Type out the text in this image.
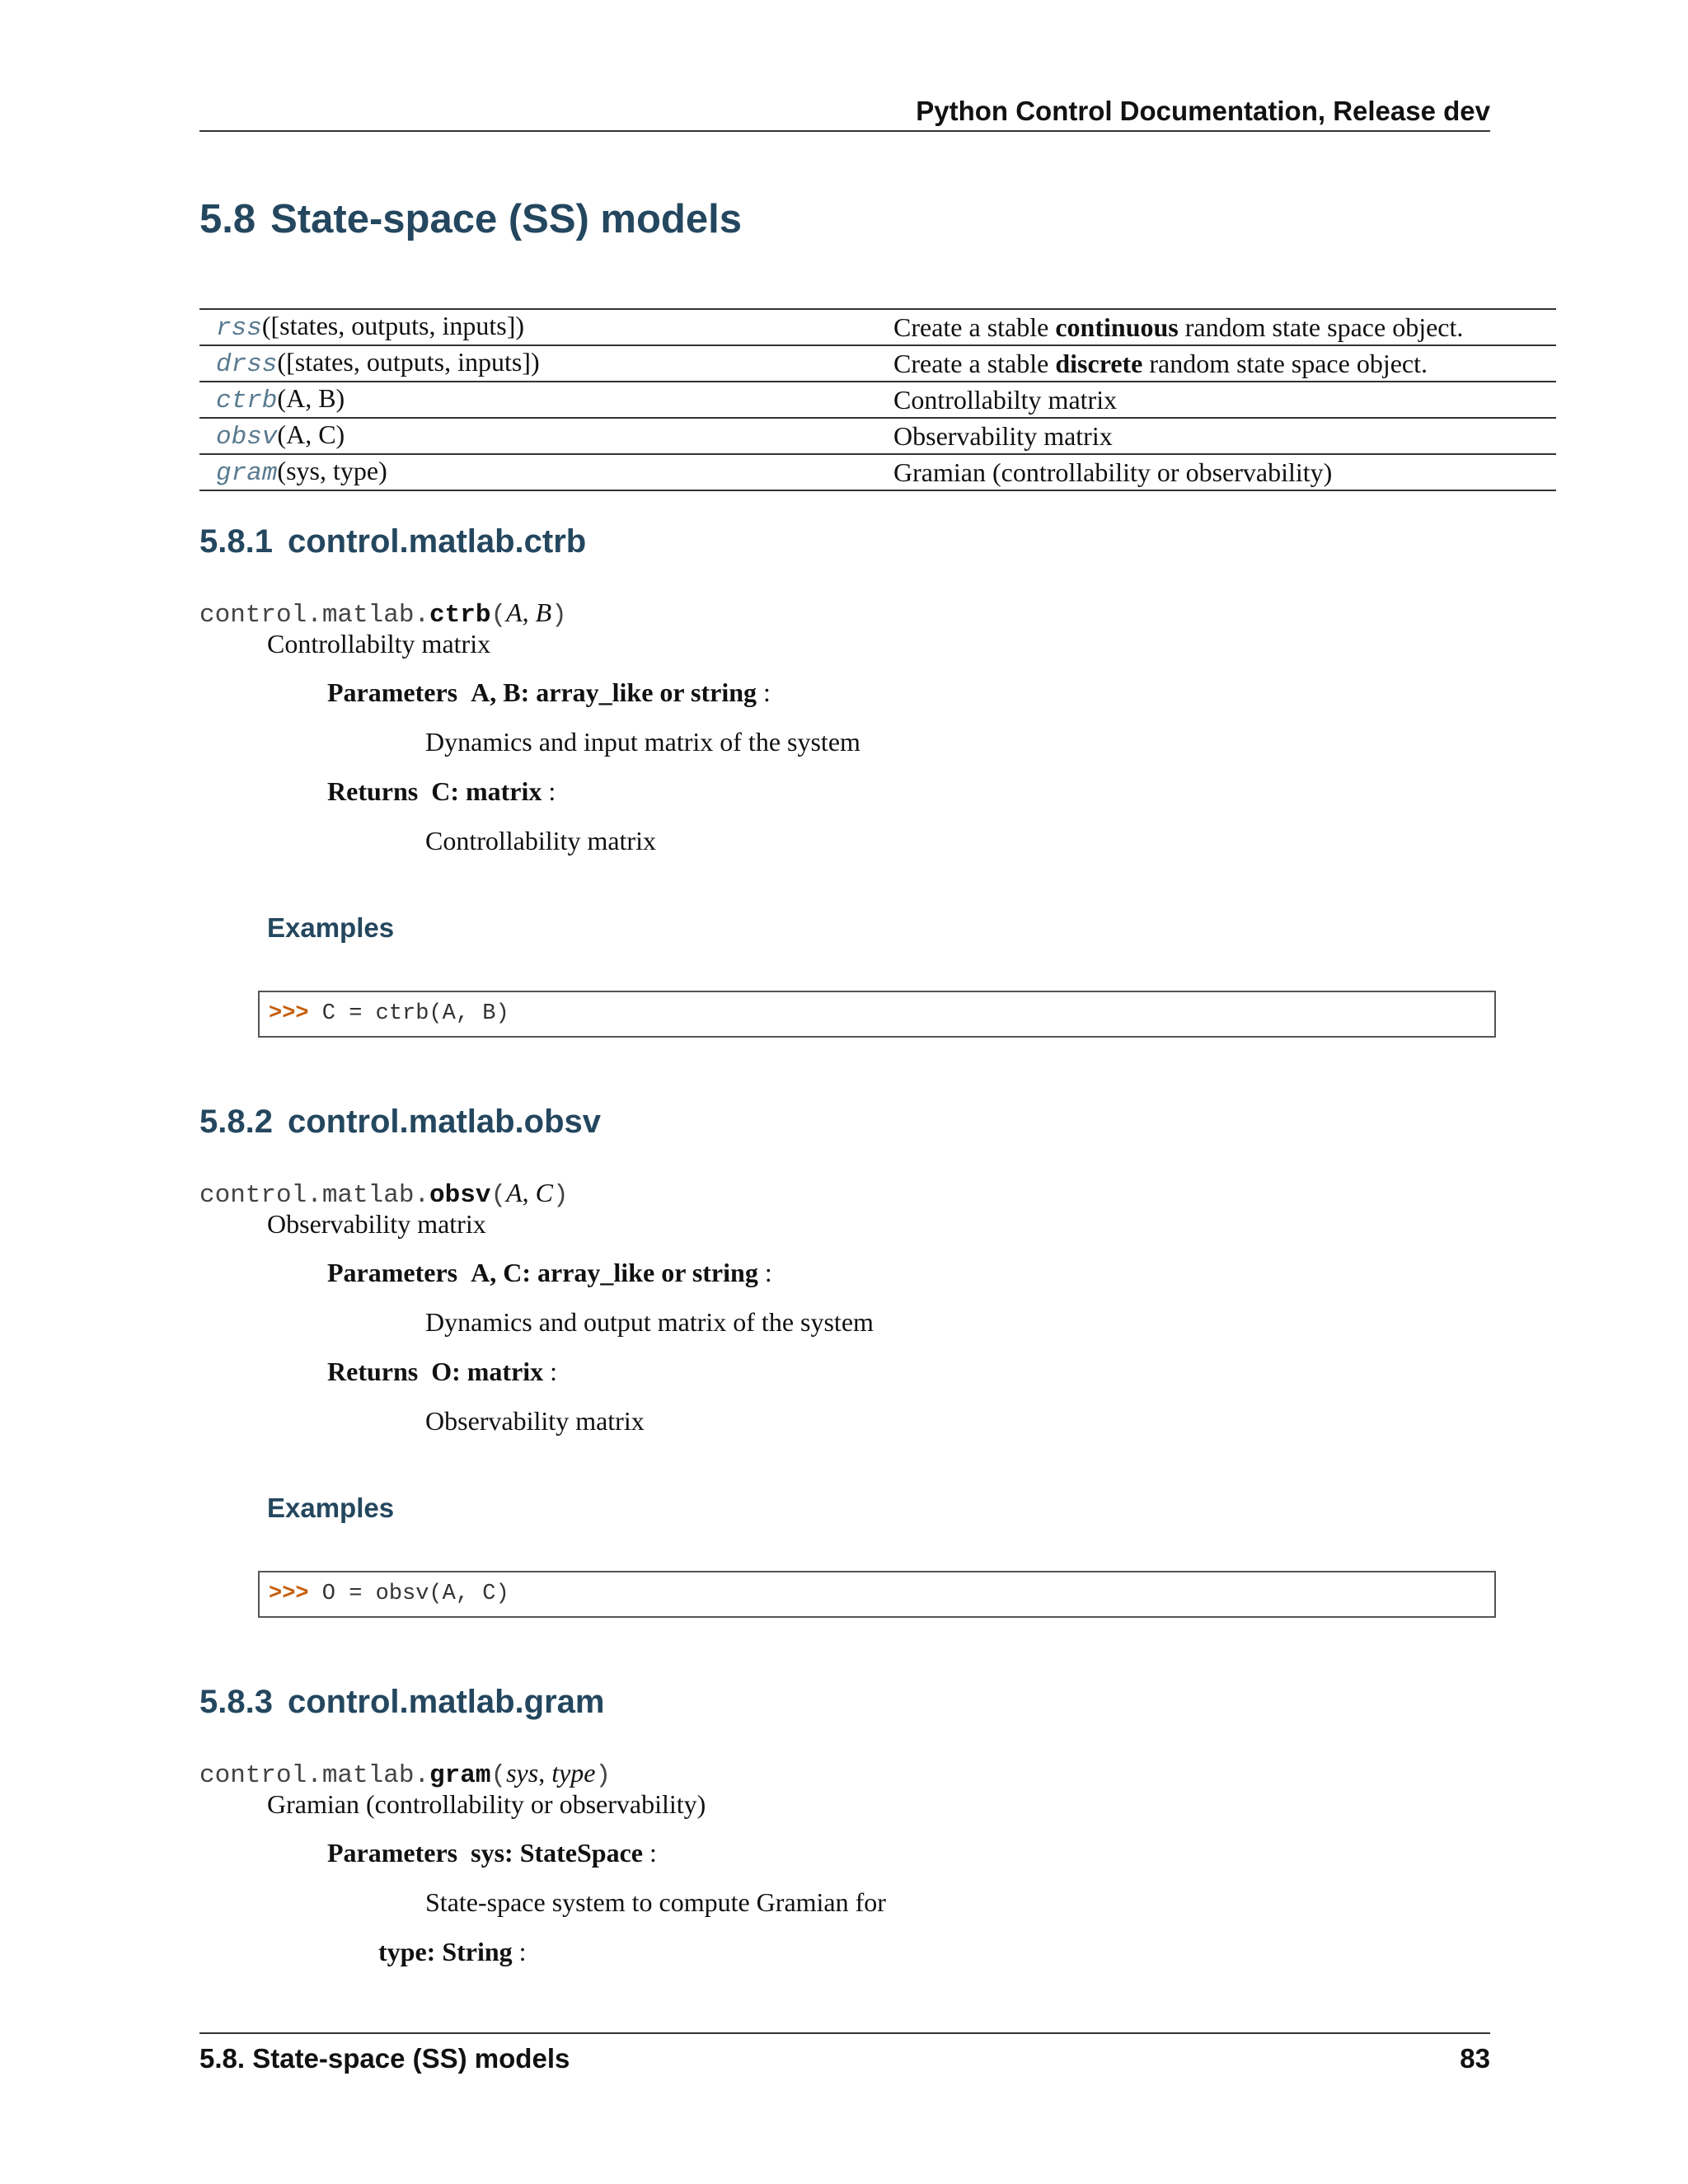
Python Control Documentation, Release dev
5.8 State-space (SS) models
rss([states, outputs, inputs])	Create a stable continuous random state space object.
drss([states, outputs, inputs])	Create a stable discrete random state space object.
ctrb(A, B)	Controllabilty matrix
obsv(A, C)	Observability matrix
gram(sys, type)	Gramian (controllability or observability)
5.8.1 control.matlab.ctrb
control.matlab.ctrb(A, B)
Controllabilty matrix
Parameters A, B: array_like or string :
Dynamics and input matrix of the system
Returns C: matrix :
Controllability matrix
Examples
>>> C = ctrb(A, B)
5.8.2 control.matlab.obsv
control.matlab.obsv(A, C)
Observability matrix
Parameters A, C: array_like or string :
Dynamics and output matrix of the system
Returns O: matrix :
Observability matrix
Examples
>>> O = obsv(A, C)
5.8.3 control.matlab.gram
control.matlab.gram(sys, type)
Gramian (controllability or observability)
Parameters sys: StateSpace :
State-space system to compute Gramian for
type: String :
5.8. State-space (SS) models	83
